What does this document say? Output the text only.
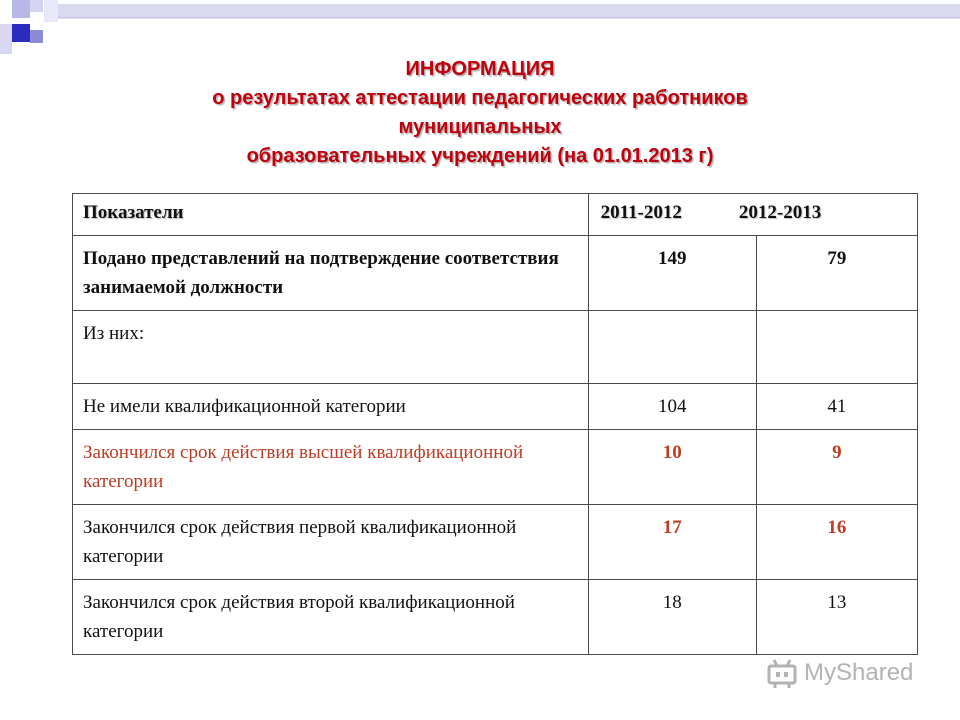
ИНФОРМАЦИЯ
о результатах аттестации педагогических работников
муниципальных
образовательных учреждений (на 01.01.2013 г)
Показатели	2011-2012            2012-2013	
Подано представлений на подтверждение соответствия занимаемой должности	149	79
Из них:		
Не имели квалификационной категории	104	41
Закончился срок действия высшей квалификационной категории	10	9
Закончился срок действия первой квалификационной категории	17	16
Закончился срок действия второй квалификационной категории	18	13
MyShared
